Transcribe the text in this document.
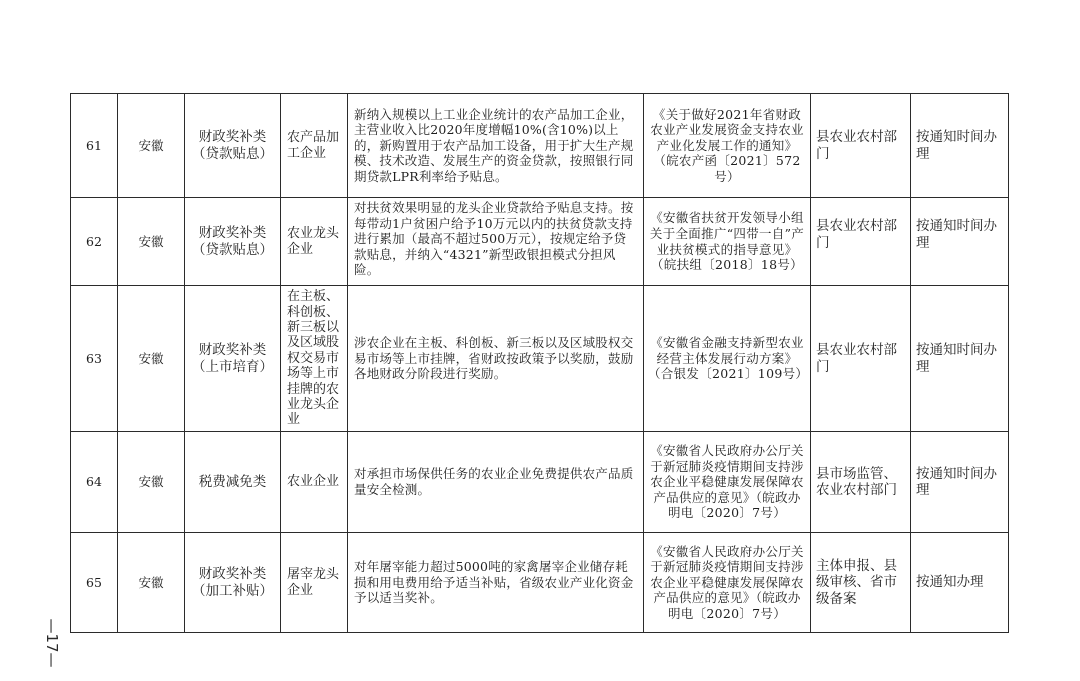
61	安徽	财政奖补类（贷款贴息）	农产品加工企业	新纳入规模以上工业企业统计的农产品加工企业，主营业收入比2020年度增幅10%(含10%)以上的，新购置用于农产品加工设备，用于扩大生产规模、技术改造、发展生产的资金贷款，按照银行同期贷款LPR利率给予贴息。	《关于做好2021年省财政农业产业发展资金支持农业产业化发展工作的通知》（皖农产函〔2021〕572号）	县农业农村部门	按通知时间办理

62	安徽	财政奖补类（贷款贴息）	农业龙头企业	对扶贫效果明显的龙头企业贷款给予贴息支持。按每带动1户贫困户给予10万元以内的扶贫贷款支持进行累加（最高不超过500万元），按规定给予贷款贴息，并纳入“4321”新型政银担模式分担风险。	《安徽省扶贫开发领导小组关于全面推广“四带一自”产业扶贫模式的指导意见》（皖扶组〔2018〕18号）	县农业农村部门	按通知时间办理

63	安徽	财政奖补类（上市培育）	在主板、科创板、新三板以及区域股权交易市场等上市挂牌的农业龙头企业	涉农企业在主板、科创板、新三板以及区域股权交易市场等上市挂牌，省财政按政策予以奖励，鼓励各地财政分阶段进行奖励。	《安徽省金融支持新型农业经营主体发展行动方案》（合银发〔2021〕109号）	县农业农村部门	按通知时间办理

64	安徽	税费减免类	农业企业	对承担市场保供任务的农业企业免费提供农产品质量安全检测。	《安徽省人民政府办公厅关于新冠肺炎疫情期间支持涉农企业平稳健康发展保障农产品供应的意见》（皖政办明电〔2020〕7号）	县市场监管、农业农村部门	按通知时间办理

65	安徽	财政奖补类（加工补贴）	屠宰龙头企业	对年屠宰能力超过5000吨的家禽屠宰企业储存耗损和用电费用给予适当补贴，省级农业产业化资金予以适当奖补。	《安徽省人民政府办公厅关于新冠肺炎疫情期间支持涉农企业平稳健康发展保障农产品供应的意见》（皖政办明电〔2020〕7号）	主体申报、县级审核、省市级备案	按通知办理
—17—
